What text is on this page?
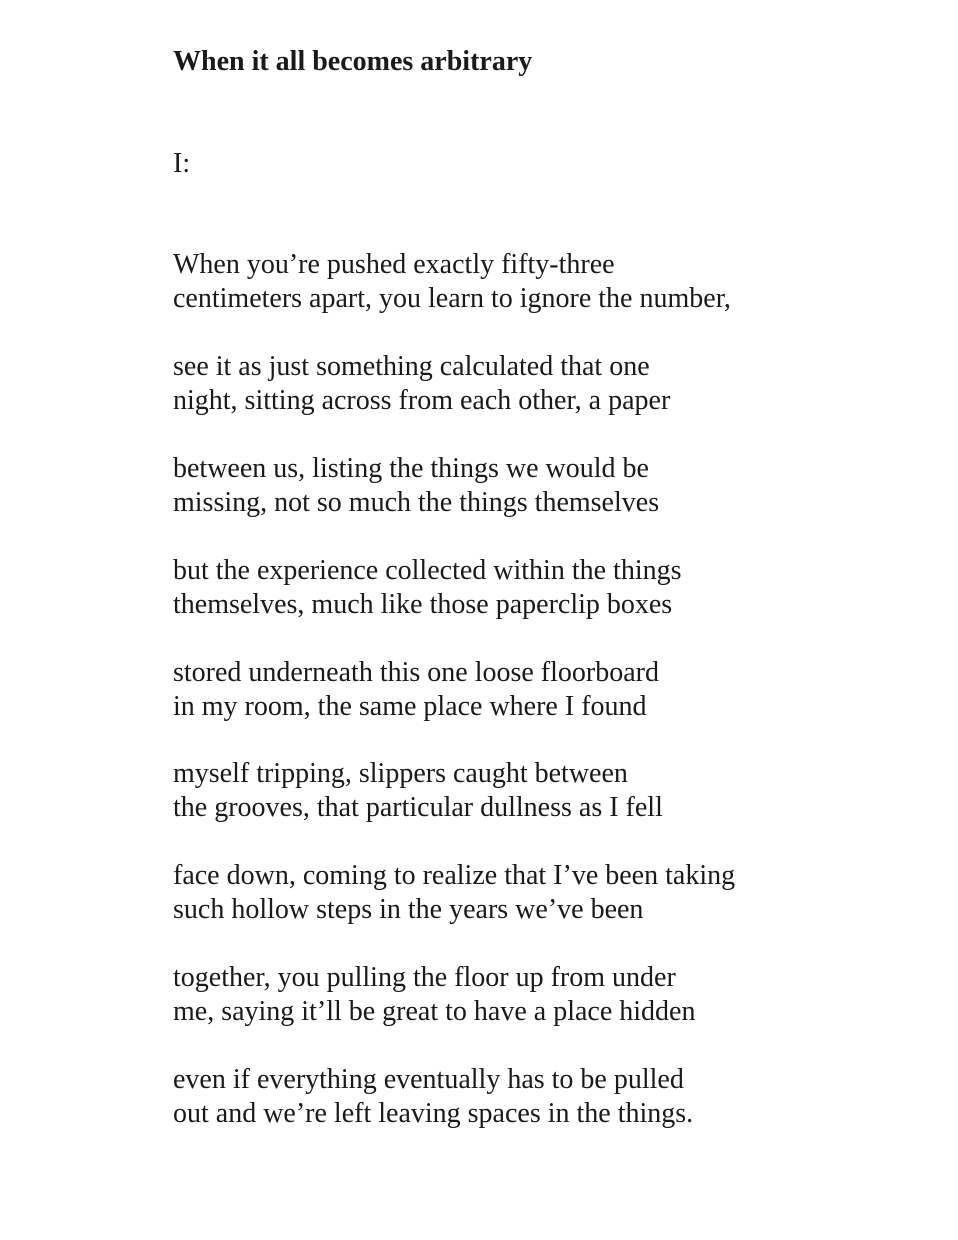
When it all becomes arbitrary
I:

When you’re pushed exactly fifty-three
centimeters apart, you learn to ignore the number,

see it as just something calculated that one
night, sitting across from each other, a paper

between us, listing the things we would be
missing, not so much the things themselves

but the experience collected within the things
themselves, much like those paperclip boxes

stored underneath this one loose floorboard
in my room, the same place where I found

myself tripping, slippers caught between
the grooves, that particular dullness as I fell

face down, coming to realize that I’ve been taking
such hollow steps in the years we’ve been

together, you pulling the floor up from under
me, saying it’ll be great to have a place hidden

even if everything eventually has to be pulled
out and we’re left leaving spaces in the things.
